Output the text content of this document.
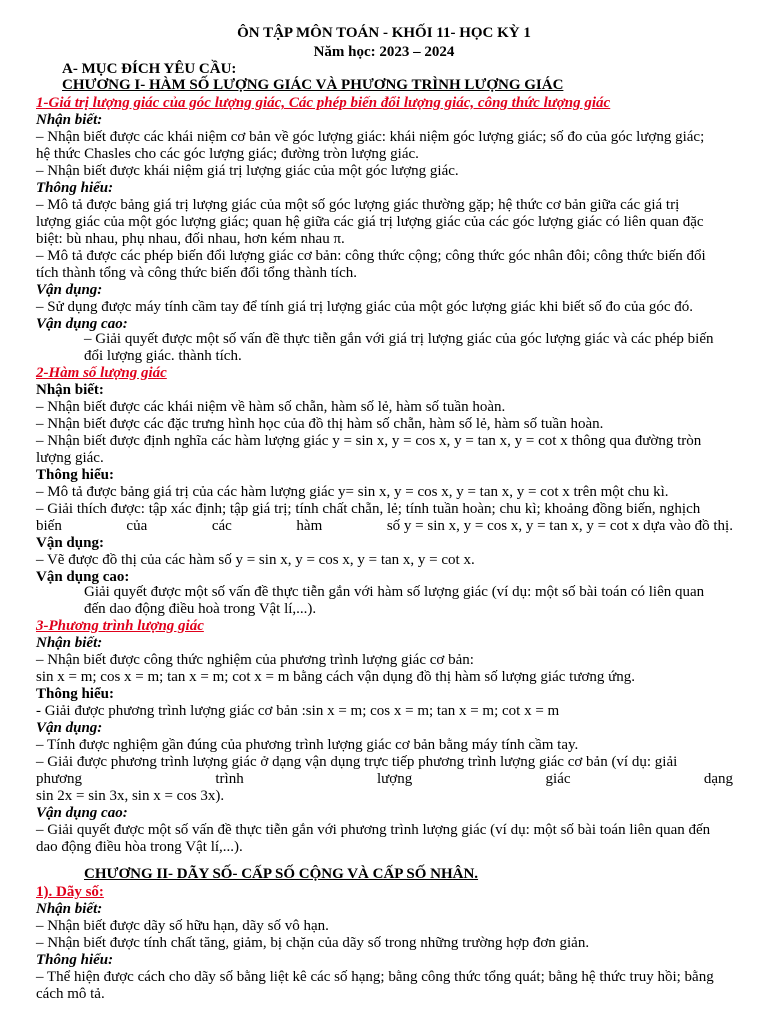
ÔN TẬP MÔN TOÁN - KHỐI 11- HỌC KỲ 1
Năm học: 2023 – 2024
A- MỤC ĐÍCH YÊU CẦU:
CHƯƠNG I- HÀM SỐ LƯỢNG GIÁC VÀ PHƯƠNG TRÌNH LƯỢNG GIÁC
1-Giá trị lượng giác của góc lượng giác, Các phép biến đổi lượng giác, công thức lượng giác
Nhận biết:
– Nhận biết được các khái niệm cơ bản về góc lượng giác: khái niệm góc lượng giác; số đo của góc lượng giác;
hệ thức Chasles cho các góc lượng giác; đường tròn lượng giác.
– Nhận biết được khái niệm giá trị lượng giác của một góc lượng giác.
Thông hiểu:
– Mô tả được bảng giá trị lượng giác của một số góc lượng giác thường gặp; hệ thức cơ bản giữa các giá trị
lượng giác của một góc lượng giác; quan hệ giữa các giá trị lượng giác của các góc lượng giác có liên quan đặc
biệt: bù nhau, phụ nhau, đối nhau, hơn kém nhau π.
– Mô tả được các phép biến đổi lượng giác cơ bản: công thức cộng; công thức góc nhân đôi; công thức biến đổi
tích thành tổng và công thức biến đổi tổng thành tích.
Vận dụng:
– Sử dụng được máy tính cầm tay để tính giá trị lượng giác của một góc lượng giác khi biết số đo của góc đó.
Vận dụng cao:
– Giải quyết được một số vấn đề thực tiễn gắn với giá trị lượng giác của góc lượng giác và các phép biến
đổi lượng giác. thành tích.
2-Hàm số lượng giác
Nhận biết:
– Nhận biết được các khái niệm về hàm số chẵn, hàm số lẻ, hàm số tuần hoàn.
– Nhận biết được các đặc trưng hình học của đồ thị hàm số chẵn, hàm số lẻ, hàm số tuần hoàn.
– Nhận biết được định nghĩa các hàm lượng giác y = sin x, y = cos x, y = tan x, y = cot x thông qua đường tròn
lượng giác.
Thông hiểu:
– Mô tả được bảng giá trị của các hàm lượng giác y= sin x, y = cos x, y = tan x, y = cot x trên một chu kì.
– Giải thích được: tập xác định; tập giá trị; tính chất chẵn, lẻ; tính tuần hoàn; chu kì; khoảng đồng biến, nghịch
biến	của	các	hàm	số y = sin x, y = cos x, y = tan x, y = cot x dựa vào đồ thị.
Vận dụng:
– Vẽ được đồ thị của các hàm số y = sin x, y = cos x, y = tan x, y = cot x.
Vận dụng cao:
Giải quyết được một số vấn đề thực tiễn gắn với hàm số lượng giác (ví dụ: một số bài toán có liên quan
đến dao động điều hoà trong Vật lí,...).
3-Phương trình lượng giác
Nhận biết:
– Nhận biết được công thức nghiệm của phương trình lượng giác cơ bản:
sin x = m; cos x = m; tan x = m; cot x = m bằng cách vận dụng đồ thị hàm số lượng giác tương ứng.
Thông hiểu:
- Giải được phương trình lượng giác cơ bản :sin x = m; cos x = m; tan x = m; cot x = m
Vận dụng:
– Tính được nghiệm gần đúng của phương trình lượng giác cơ bản bằng máy tính cầm tay.
– Giải được phương trình lượng giác ở dạng vận dụng trực tiếp phương trình lượng giác cơ bản (ví dụ: giải
phương	trình	lượng	giác	dạng
sin 2x = sin 3x, sin x = cos 3x).
Vận dụng cao:
– Giải quyết được một số vấn đề thực tiễn gắn với phương trình lượng giác (ví dụ: một số bài toán liên quan đến
dao động điều hòa trong Vật lí,...).
CHƯƠNG II- DÃY SỐ- CẤP SỐ CỘNG VÀ CẤP SỐ NHÂN.
1). Dãy số:
Nhận biết:
– Nhận biết được dãy số hữu hạn, dãy số vô hạn.
– Nhận biết được tính chất tăng, giảm, bị chặn của dãy số trong những trường hợp đơn giản.
Thông hiểu:
– Thể hiện được cách cho dãy số bằng liệt kê các số hạng; bằng công thức tổng quát; bằng hệ thức truy hồi; bằng
cách mô tả.
